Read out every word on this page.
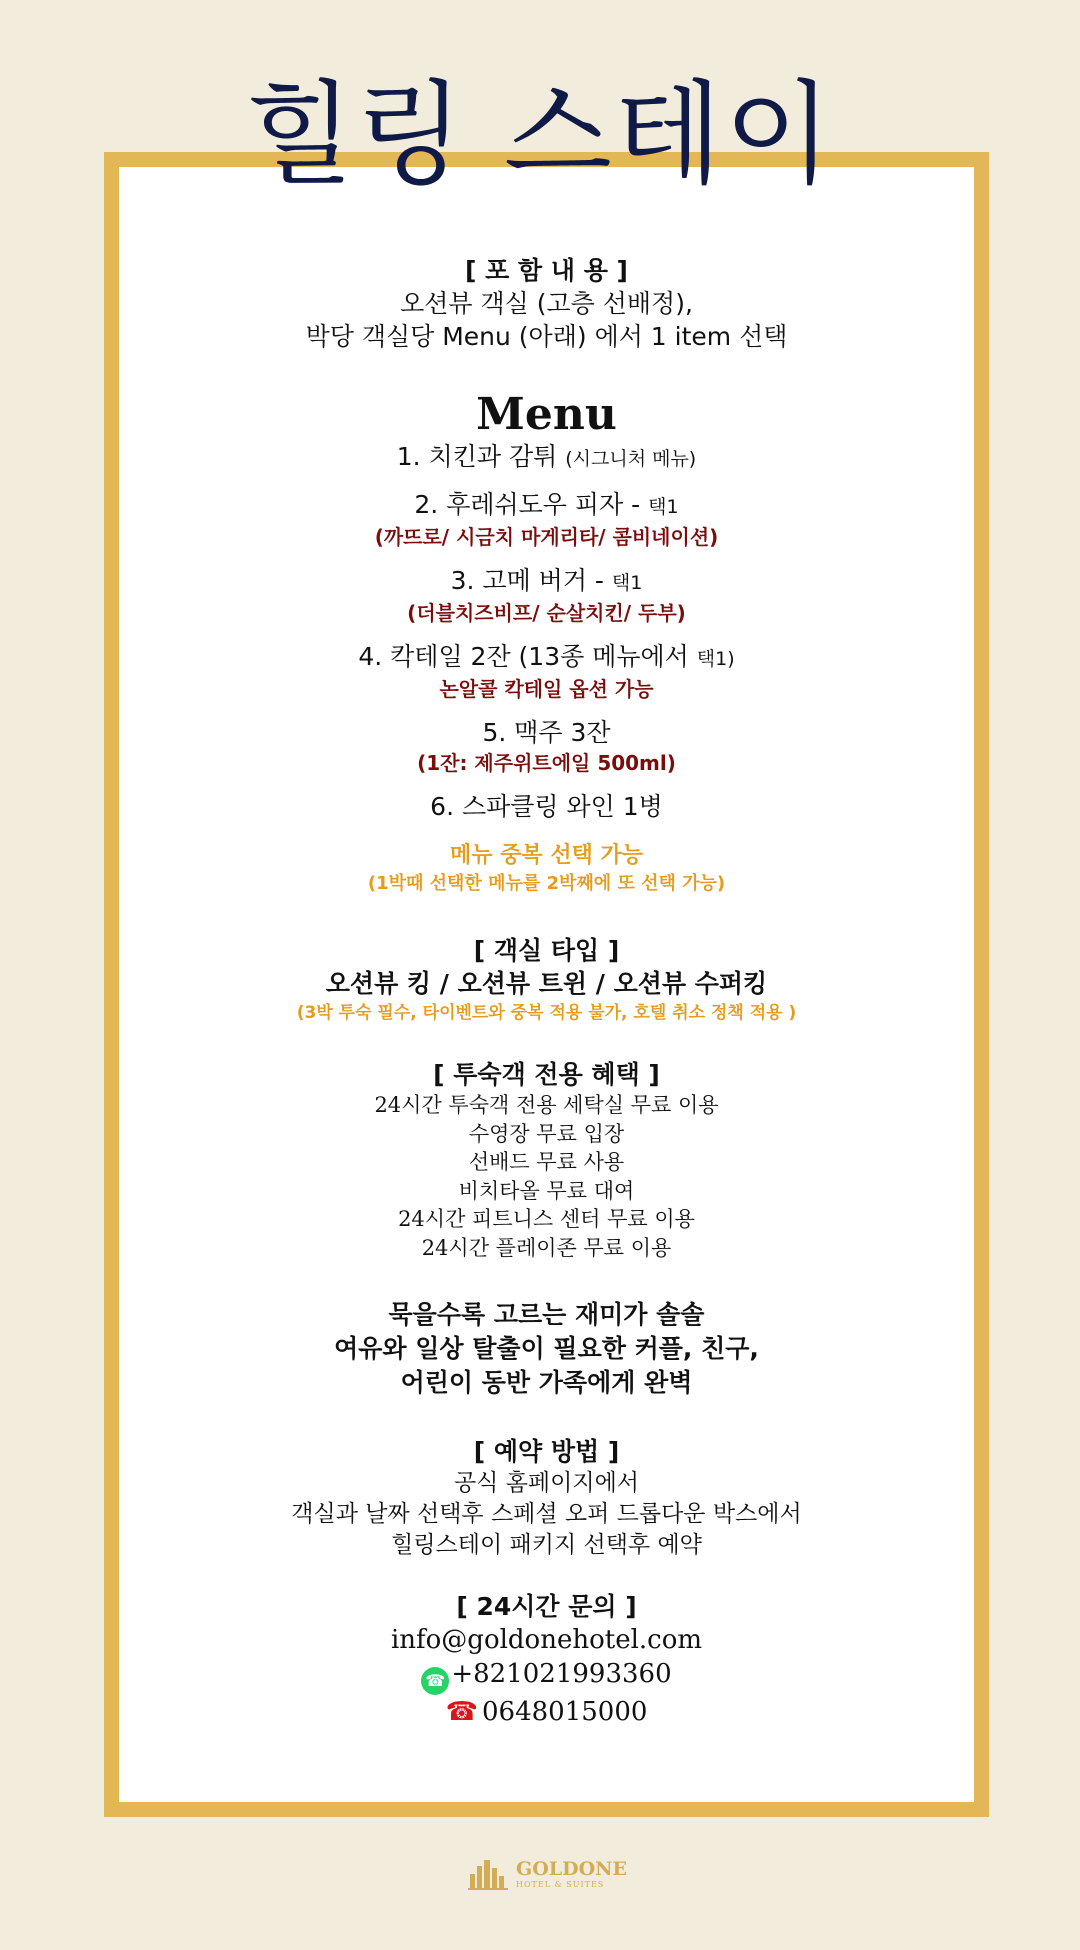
힐링 스테이

[ 포 함 내 용 ]

오션뷰 객실 (고층 선배정),

박당 객실당 Menu (아래) 에서 1 item 선택

Menu

1. 치킨과 감튀 (시그니처 메뉴)

2. 후레쉬도우 피자 - 택1

(까뜨로/ 시금치 마게리타/ 콤비네이션)

3. 고메 버거 - 택1

(더블치즈비프/ 순살치킨/ 두부)

4. 칵테일 2잔 (13종 메뉴에서 택1)

논알콜 칵테일 옵션 가능

5. 맥주 3잔

(1잔: 제주위트에일 500ml)

6. 스파클링 와인 1병

메뉴 중복 선택 가능

(1박때 선택한 메뉴를 2박째에 또 선택 가능)

[ 객실 타입 ]

오션뷰 킹 / 오션뷰 트윈 / 오션뷰 수퍼킹

(3박 투숙 필수, 타이벤트와 중복 적용 불가, 호텔 취소 정책 적용 )

[ 투숙객 전용 혜택 ]

24시간 투숙객 전용 세탁실 무료 이용

수영장 무료 입장

선배드 무료 사용

비치타올 무료 대여

24시간 피트니스 센터 무료 이용

24시간 플레이존 무료 이용

묵을수록 고르는 재미가 솔솔

여유와 일상 탈출이 필요한 커플, 친구,

어린이 동반 가족에게 완벽

[ 예약 방법 ]

공식 홈페이지에서

객실과 날짜 선택후 스페셜 오퍼 드롭다운 박스에서

힐링스테이 패키지 선택후 예약

[ 24시간 문의 ]

info@goldonehotel.com

☎ +821021993360

☎ 0648015000

GOLDONE
HOTEL & SUITES
